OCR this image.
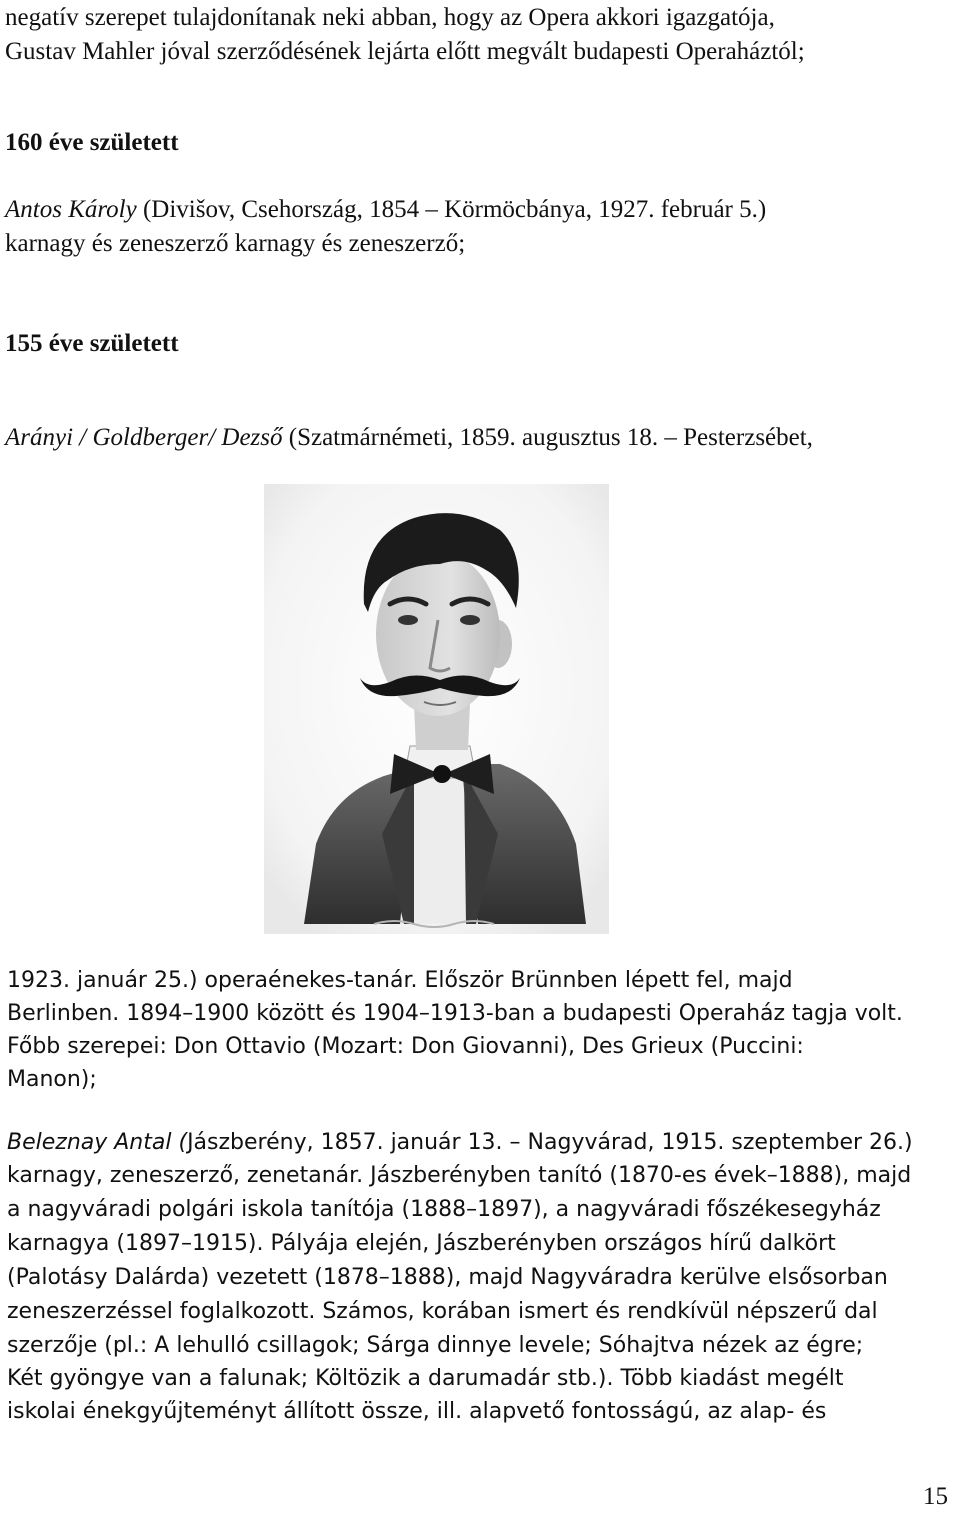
negatív szerepet tulajdonítanak neki abban, hogy az Opera akkori igazgatója,
Gustav Mahler jóval szerződésének lejárta előtt megvált budapesti Operaháztól;
160 éve született
Antos Károly (Divišov, Csehország, 1854 – Körmöcbánya, 1927. február 5.)
karnagy és zeneszerző karnagy és zeneszerző;
155 éve született
Arányi / Goldberger/ Dezső (Szatmárnémeti, 1859. augusztus 18. – Pesterzsébet,
1923. január 25.) operaénekes-tanár. Először Brünnben lépett fel, majd
Berlinben. 1894–1900 között és 1904–1913-ban a budapesti Operaház tagja volt.
Főbb szerepei: Don Ottavio (Mozart: Don Giovanni), Des Grieux (Puccini:
Manon);
Beleznay Antal (Jászberény, 1857. január 13. – Nagyvárad, 1915. szeptember 26.)
karnagy, zeneszerző, zenetanár. Jászberényben tanító (1870-es évek–1888), majd
a nagyváradi polgári iskola tanítója (1888–1897), a nagyváradi főszékesegyház
karnagya (1897–1915). Pályája elején, Jászberényben országos hírű dalkört
(Palotásy Dalárda) vezetett (1878–1888), majd Nagyváradra kerülve elsősorban
zeneszerzéssel foglalkozott. Számos, korában ismert és rendkívül népszerű dal
szerzője (pl.: A lehulló csillagok; Sárga dinnye levele; Sóhajtva nézek az égre;
Két gyöngye van a falunak; Költözik a darumadár stb.). Több kiadást megélt
iskolai énekgyűjteményt állított össze, ill. alapvető fontosságú, az alap- és
15
